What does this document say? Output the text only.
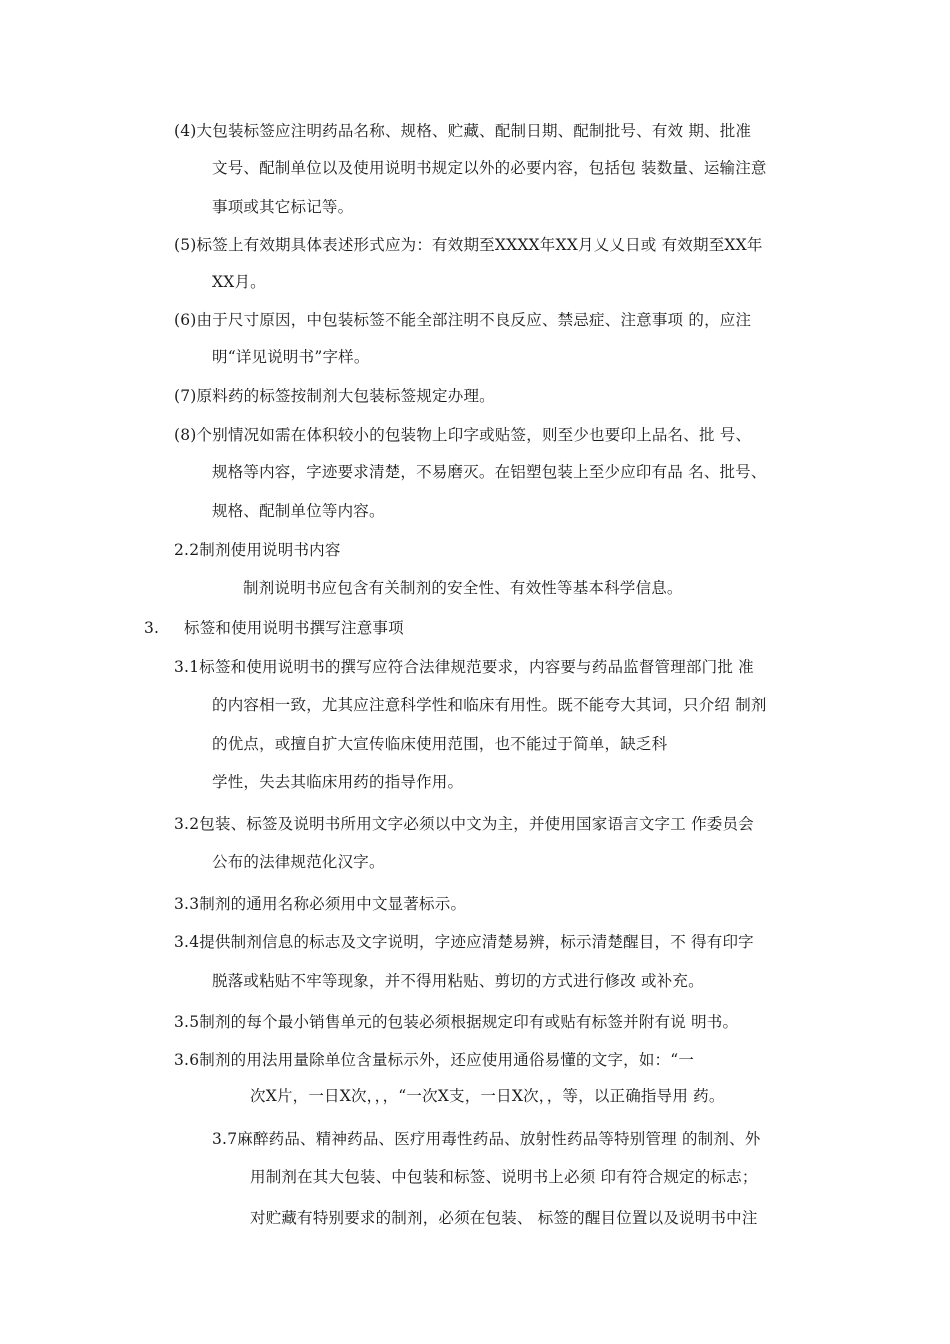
(4)大包装标签应注明药品名称、规格、贮藏、配制日期、配制批号、有效 期、批准
文号、配制单位以及使用说明书规定以外的必要内容，包括包 装数量、运输注意
事项或其它标记等。
(5)标签上有效期具体表述形式应为：有效期至XXXX年XX月乂乂日或 有效期至XX年
XX月。
(6)由于尺寸原因，中包装标签不能全部注明不良反应、禁忌症、注意事项 的，应注
明“详见说明书”字样。
(7)原料药的标签按制剂大包装标签规定办理。
(8)个别情况如需在体积较小的包装物上印字或贴签，则至少也要印上品名、批 号、
规格等内容，字迹要求清楚，不易磨灭。在铝塑包装上至少应印有品 名、批号、
规格、配制单位等内容。
2.2制剂使用说明书内容
制剂说明书应包含有关制剂的安全性、有效性等基本科学信息。
3. 标签和使用说明书撰写注意事项
3.1标签和使用说明书的撰写应符合法律规范要求，内容要与药品监督管理部门批 准
的内容相一致，尤其应注意科学性和临床有用性。既不能夸大其词，只介绍 制剂
的优点，或擅自扩大宣传临床使用范围，也不能过于简单，缺乏科
学性，失去其临床用药的指导作用。
3.2包装、标签及说明书所用文字必须以中文为主，并使用国家语言文字工 作委员会
公布的法律规范化汉字。
3.3制剂的通用名称必须用中文显著标示。
3.4提供制剂信息的标志及文字说明，字迹应清楚易辨，标示清楚醒目，不 得有印字
脱落或粘贴不牢等现象，并不得用粘贴、剪切的方式进行修改 或补充。
3.5制剂的每个最小销售单元的包装必须根据规定印有或贴有标签并附有说 明书。
3.6制剂的用法用量除单位含量标示外，还应使用通俗易懂的文字，如：“一
次X片，一日X次，，，“一次X支，一日X次，，等，以正确指导用 药。
3.7麻醉药品、精神药品、医疗用毒性药品、放射性药品等特别管理 的制剂、外
用制剂在其大包装、中包装和标签、说明书上必须 印有符合规定的标志；
对贮藏有特别要求的制剂，必须在包装、 标签的醒目位置以及说明书中注
